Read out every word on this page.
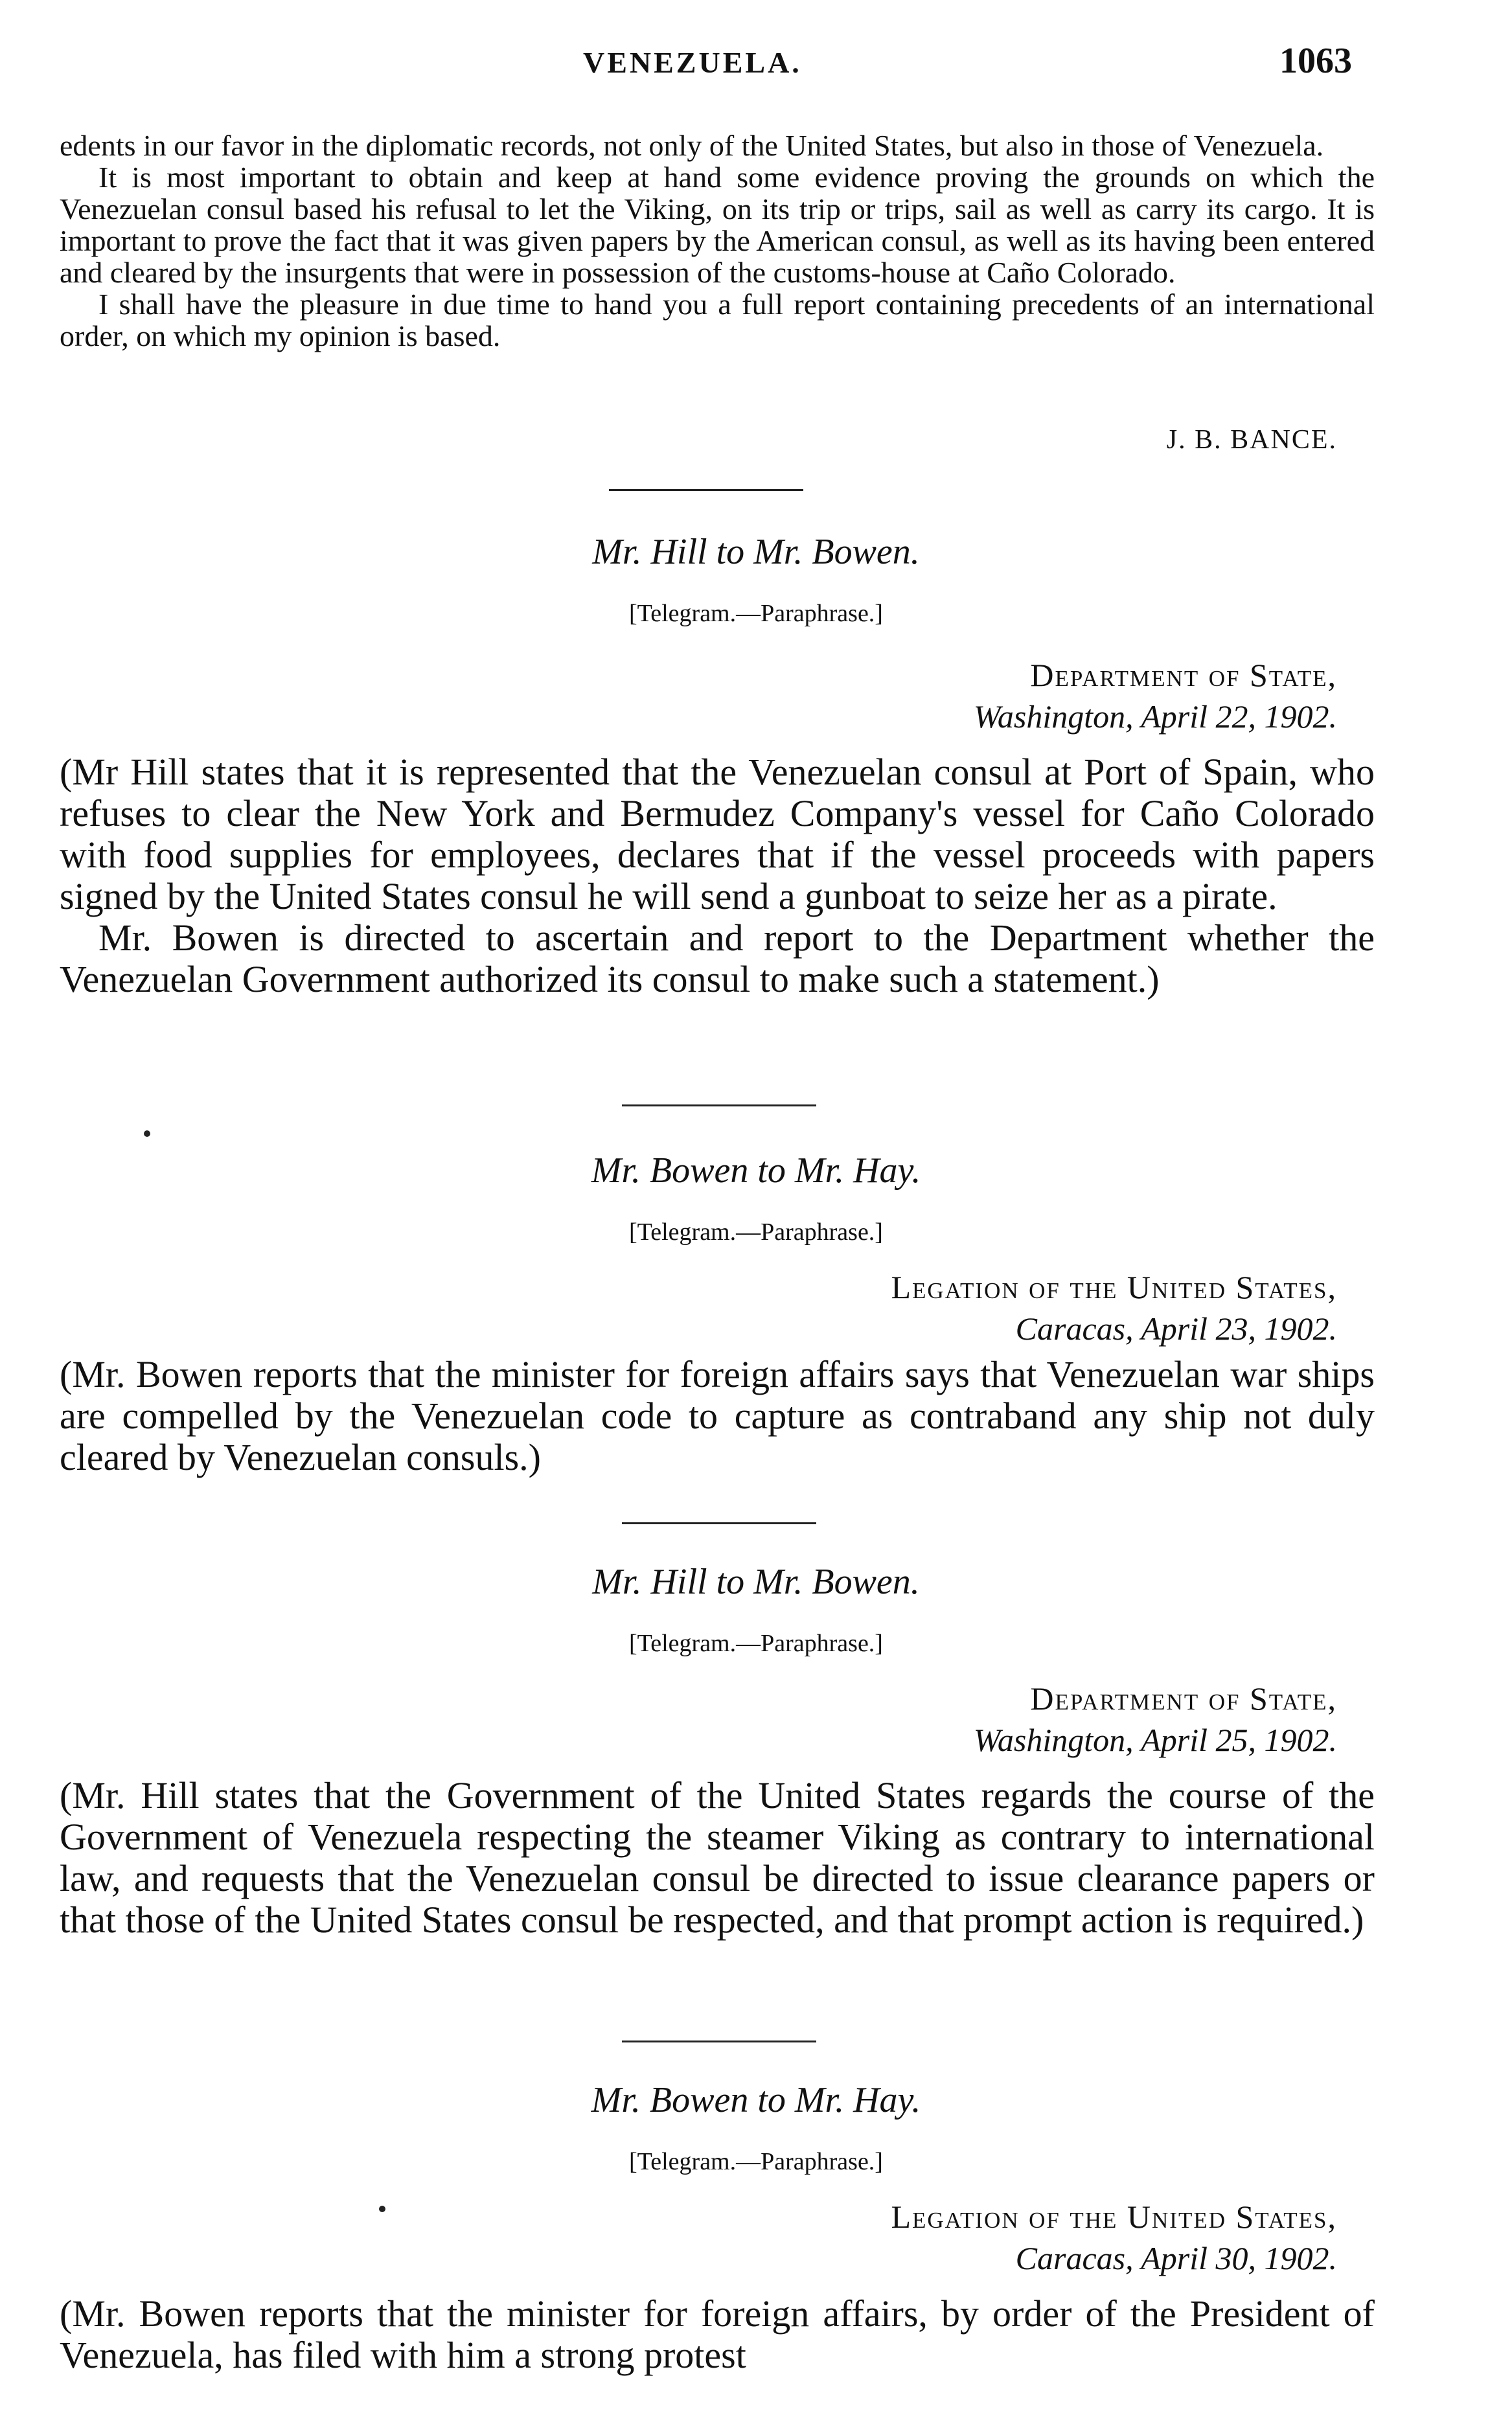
VENEZUELA.	1063

edents in our favor in the diplomatic records, not only of the United States, but also in those of Venezuela.

It is most important to obtain and keep at hand some evidence proving the grounds on which the Venezuelan consul based his refusal to let the Viking, on its trip or trips, sail as well as carry its cargo. It is important to prove the fact that it was given papers by the American consul, as well as its having been entered and cleared by the insurgents that were in possession of the customs-house at Caño Colorado.

I shall have the pleasure in due time to hand you a full report containing precedents of an international order, on which my opinion is based.

J. B. BANCE.
Mr. Hill to Mr. Bowen.
[Telegram.—Paraphrase.]
Department of State,
Washington, April 22, 1902.

(Mr Hill states that it is represented that the Venezuelan consul at Port of Spain, who refuses to clear the New York and Bermudez Company's vessel for Caño Colorado with food supplies for employees, declares that if the vessel proceeds with papers signed by the United States consul he will send a gunboat to seize her as a pirate.

Mr. Bowen is directed to ascertain and report to the Department whether the Venezuelan Government authorized its consul to make such a statement.)

Mr. Bowen to Mr. Hay.
[Telegram.—Paraphrase.]
Legation of the United States,
Caracas, April 23, 1902.

(Mr. Bowen reports that the minister for foreign affairs says that Venezuelan war ships are compelled by the Venezuelan code to capture as contraband any ship not duly cleared by Venezuelan consuls.)

Mr. Hill to Mr. Bowen.
[Telegram.—Paraphrase.]
Department of State,
Washington, April 25, 1902.

(Mr. Hill states that the Government of the United States regards the course of the Government of Venezuela respecting the steamer Viking as contrary to international law, and requests that the Venezuelan consul be directed to issue clearance papers or that those of the United States consul be respected, and that prompt action is required.)

Mr. Bowen to Mr. Hay.
[Telegram.—Paraphrase.]
Legation of the United States,
Caracas, April 30, 1902.

(Mr. Bowen reports that the minister for foreign affairs, by order of the President of Venezuela, has filed with him a strong protest
